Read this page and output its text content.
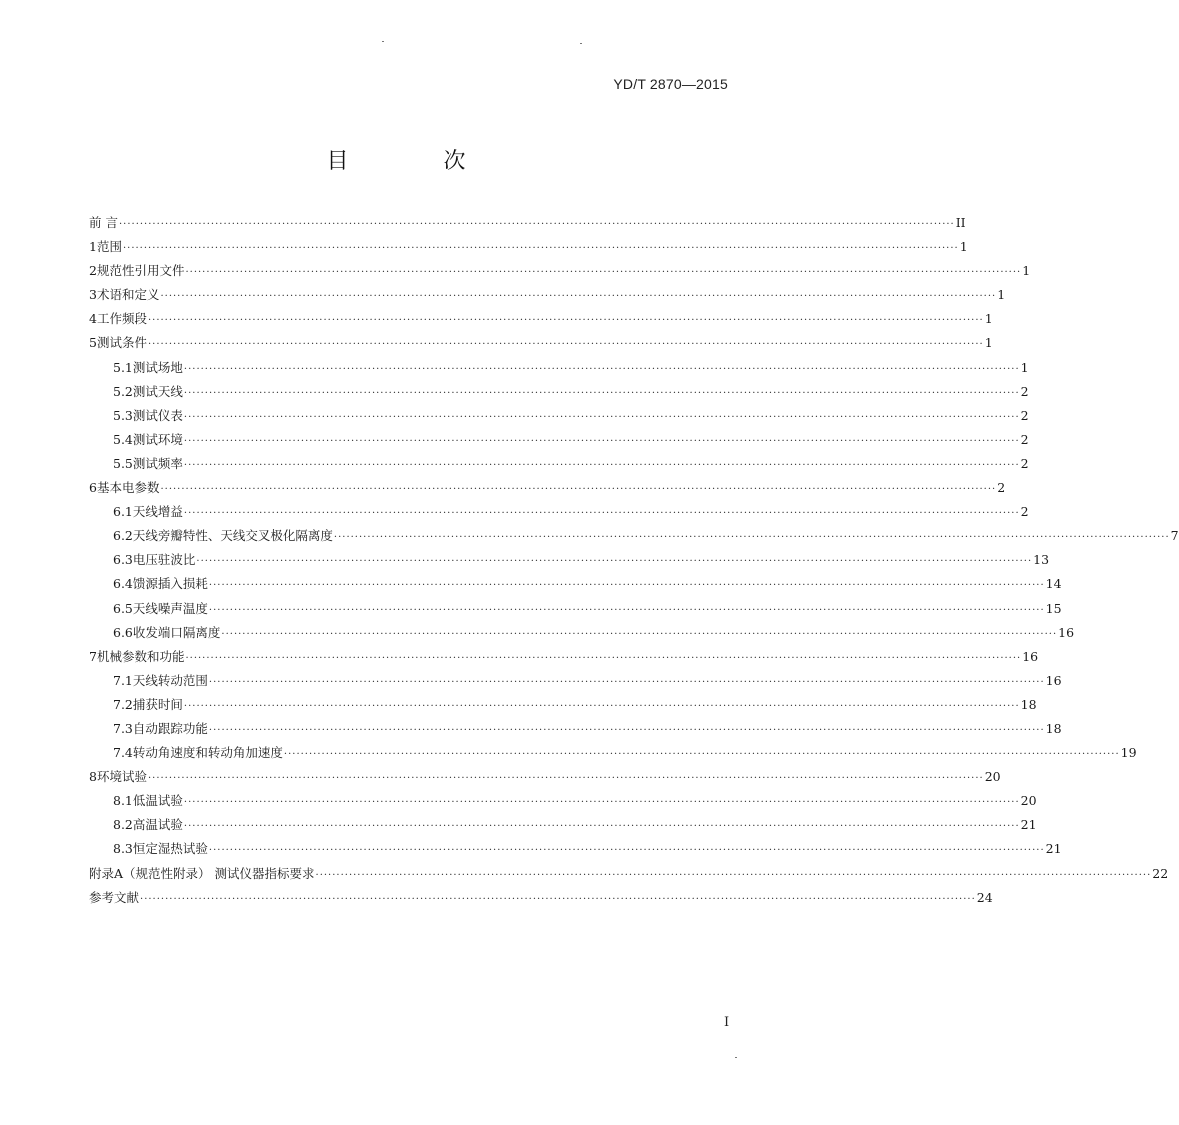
YD/T 2870—2015
目 次
前 言 ········································································································································································································ II
1 范围 ········································································································································································································ 1
2 规范性引用文件 ········································································································································································································ 1
3 术语和定义 ········································································································································································································ 1
4 工作频段 ········································································································································································································ 1
5 测试条件 ········································································································································································································ 1
5.1 测试场地 ········································································································································································································ 1
5.2 测试天线 ········································································································································································································ 2
5.3 测试仪表 ········································································································································································································ 2
5.4 测试环境 ········································································································································································································ 2
5.5 测试频率 ········································································································································································································ 2
6 基本电参数 ········································································································································································································ 2
6.1 天线增益 ········································································································································································································ 2
6.2 天线旁瓣特性、天线交叉极化隔离度 ········································································································································································································ 7
6.3 电压驻波比 ········································································································································································································ 13
6.4 馈源插入损耗 ········································································································································································································ 14
6.5 天线噪声温度 ········································································································································································································ 15
6.6 收发端口隔离度 ········································································································································································································ 16
7 机械参数和功能 ········································································································································································································ 16
7.1 天线转动范围 ········································································································································································································ 16
7.2 捕获时间 ········································································································································································································ 18
7.3 自动跟踪功能 ········································································································································································································ 18
7.4 转动角速度和转动角加速度 ········································································································································································································ 19
8 环境试验 ········································································································································································································ 20
8.1 低温试验 ········································································································································································································ 20
8.2 高温试验 ········································································································································································································ 21
8.3 恒定湿热试验 ········································································································································································································ 21
附录A（规范性附录） 测试仪器指标要求 ········································································································································································································ 22
参考文献 ········································································································································································································ 24
I
